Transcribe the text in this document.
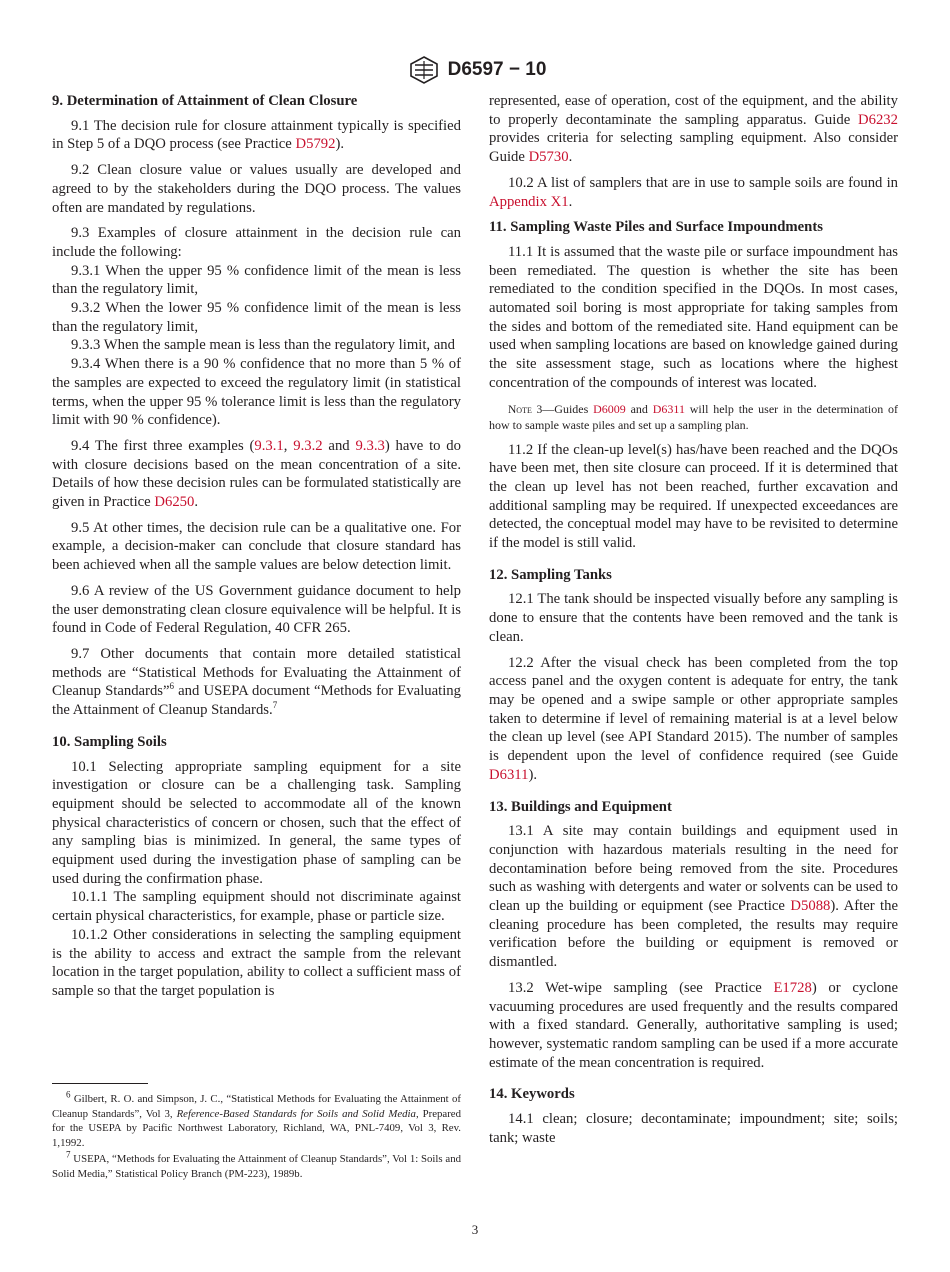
D6597 − 10
9. Determination of Attainment of Clean Closure

9.1 The decision rule for closure attainment typically is specified in Step 5 of a DQO process (see Practice D5792).

9.2 Clean closure value or values usually are developed and agreed to by the stakeholders during the DQO process. The values often are mandated by regulations.

9.3 Examples of closure attainment in the decision rule can include the following:

9.3.1 When the upper 95 % confidence limit of the mean is less than the regulatory limit,

9.3.2 When the lower 95 % confidence limit of the mean is less than the regulatory limit,

9.3.3 When the sample mean is less than the regulatory limit, and

9.3.4 When there is a 90 % confidence that no more than 5 % of the samples are expected to exceed the regulatory limit (in statistical terms, when the upper 95 % tolerance limit is less than the regulatory limit with 90 % confidence).

9.4 The first three examples (9.3.1, 9.3.2 and 9.3.3) have to do with closure decisions based on the mean concentration of a site. Details of how these decision rules can be formulated statistically are given in Practice D6250.

9.5 At other times, the decision rule can be a qualitative one. For example, a decision-maker can conclude that closure standard has been achieved when all the sample values are below detection limit.

9.6 A review of the US Government guidance document to help the user demonstrating clean closure equivalence will be helpful. It is found in Code of Federal Regulation, 40 CFR 265.

9.7 Other documents that contain more detailed statistical methods are “Statistical Methods for Evaluating the Attainment of Cleanup Standards”$^6$ and USEPA document “Methods for Evaluating the Attainment of Cleanup Standards.$^7$

10. Sampling Soils

10.1 Selecting appropriate sampling equipment for a site investigation or closure can be a challenging task. Sampling equipment should be selected to accommodate all of the known physical characteristics of concern or chosen, such that the effect of any sampling bias is minimized. In general, the same types of equipment used during the investigation phase of sampling can be used during the confirmation phase.

10.1.1 The sampling equipment should not discriminate against certain physical characteristics, for example, phase or particle size.

10.1.2 Other considerations in selecting the sampling equipment is the ability to access and extract the sample from the relevant location in the target population, ability to collect a sufficient mass of sample so that the target population is

$^6$ Gilbert, R. O. and Simpson, J. C., “Statistical Methods for Evaluating the Attainment of Cleanup Standards”, Vol 3, Reference-Based Standards for Soils and Solid Media, Prepared for the USEPA by Pacific Northwest Laboratory, Richland, WA, PNL-7409, Vol 3, Rev. 1,1992.

$^7$ USEPA, “Methods for Evaluating the Attainment of Cleanup Standards”, Vol 1: Soils and Solid Media,” Statistical Policy Branch (PM-223), 1989b.

represented, ease of operation, cost of the equipment, and the ability to properly decontaminate the sampling apparatus. Guide D6232 provides criteria for selecting sampling equipment. Also consider Guide D5730.

10.2 A list of samplers that are in use to sample soils are found in Appendix X1.

11. Sampling Waste Piles and Surface Impoundments

11.1 It is assumed that the waste pile or surface impoundment has been remediated. The question is whether the site has been remediated to the condition specified in the DQOs. In most cases, automated soil boring is most appropriate for taking samples from the sides and bottom of the remediated site. Hand equipment can be used when sampling locations are based on knowledge gained during the site assessment stage, such as locations where the highest concentration of the compounds of interest was located.

Note 3—Guides D6009 and D6311 will help the user in the determination of how to sample waste piles and set up a sampling plan.

11.2 If the clean-up level(s) has/have been reached and the DQOs have been met, then site closure can proceed. If it is determined that the clean up level has not been reached, further excavation and additional sampling may be required. If unexpected exceedances are detected, the conceptual model may have to be revisited to determine if the model is still valid.

12. Sampling Tanks

12.1 The tank should be inspected visually before any sampling is done to ensure that the contents have been removed and the tank is clean.

12.2 After the visual check has been completed from the top access panel and the oxygen content is adequate for entry, the tank may be opened and a swipe sample or other appropriate samples taken to determine if level of remaining material is at a level below the clean up level (see API Standard 2015). The number of samples is dependent upon the level of confidence required (see Guide D6311).

13. Buildings and Equipment

13.1 A site may contain buildings and equipment used in conjunction with hazardous materials resulting in the need for decontamination before being removed from the site. Procedures such as washing with detergents and water or solvents can be used to clean up the building or equipment (see Practice D5088). After the cleaning procedure has been completed, the results may require verification before the building or equipment is removed or dismantled.

13.2 Wet-wipe sampling (see Practice E1728) or cyclone vacuuming procedures are used frequently and the results compared with a fixed standard. Generally, authoritative sampling is used; however, systematic random sampling can be used if a more accurate estimate of the mean concentration is required.

14. Keywords

14.1 clean; closure; decontaminate; impoundment; site; soils; tank; waste

3
